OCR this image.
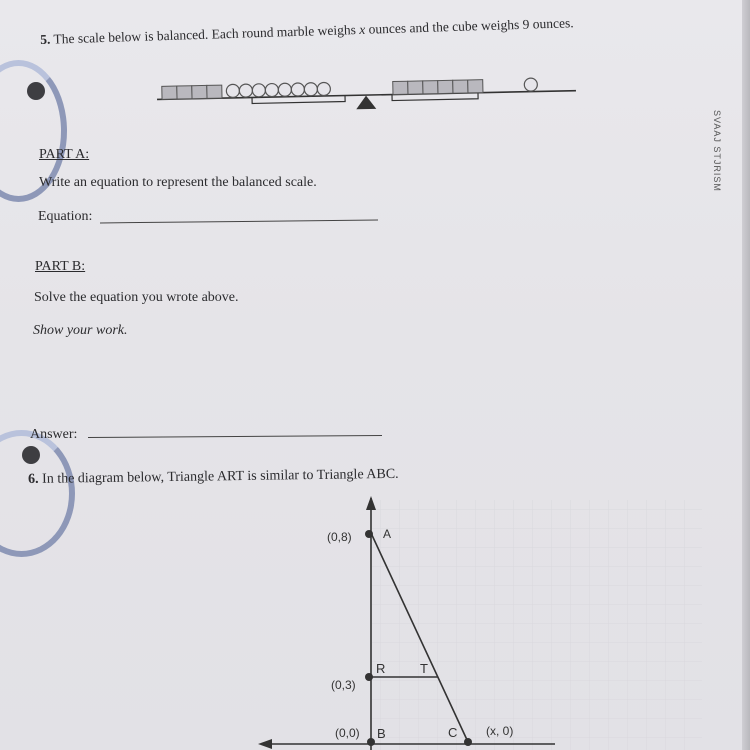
SVAAJ STJRISM
5. The scale below is balanced. Each round marble weighs x ounces and the cube weighs 9 ounces.
PART A:
Write an equation to represent the balanced scale.
Equation:
PART B:
Solve the equation you wrote above.
Show your work.
Answer:
6. In the diagram below, Triangle ART is similar to Triangle ABC.
(0,8)	A
R	T
(0,3)
(0,0) B	C (x, 0)
